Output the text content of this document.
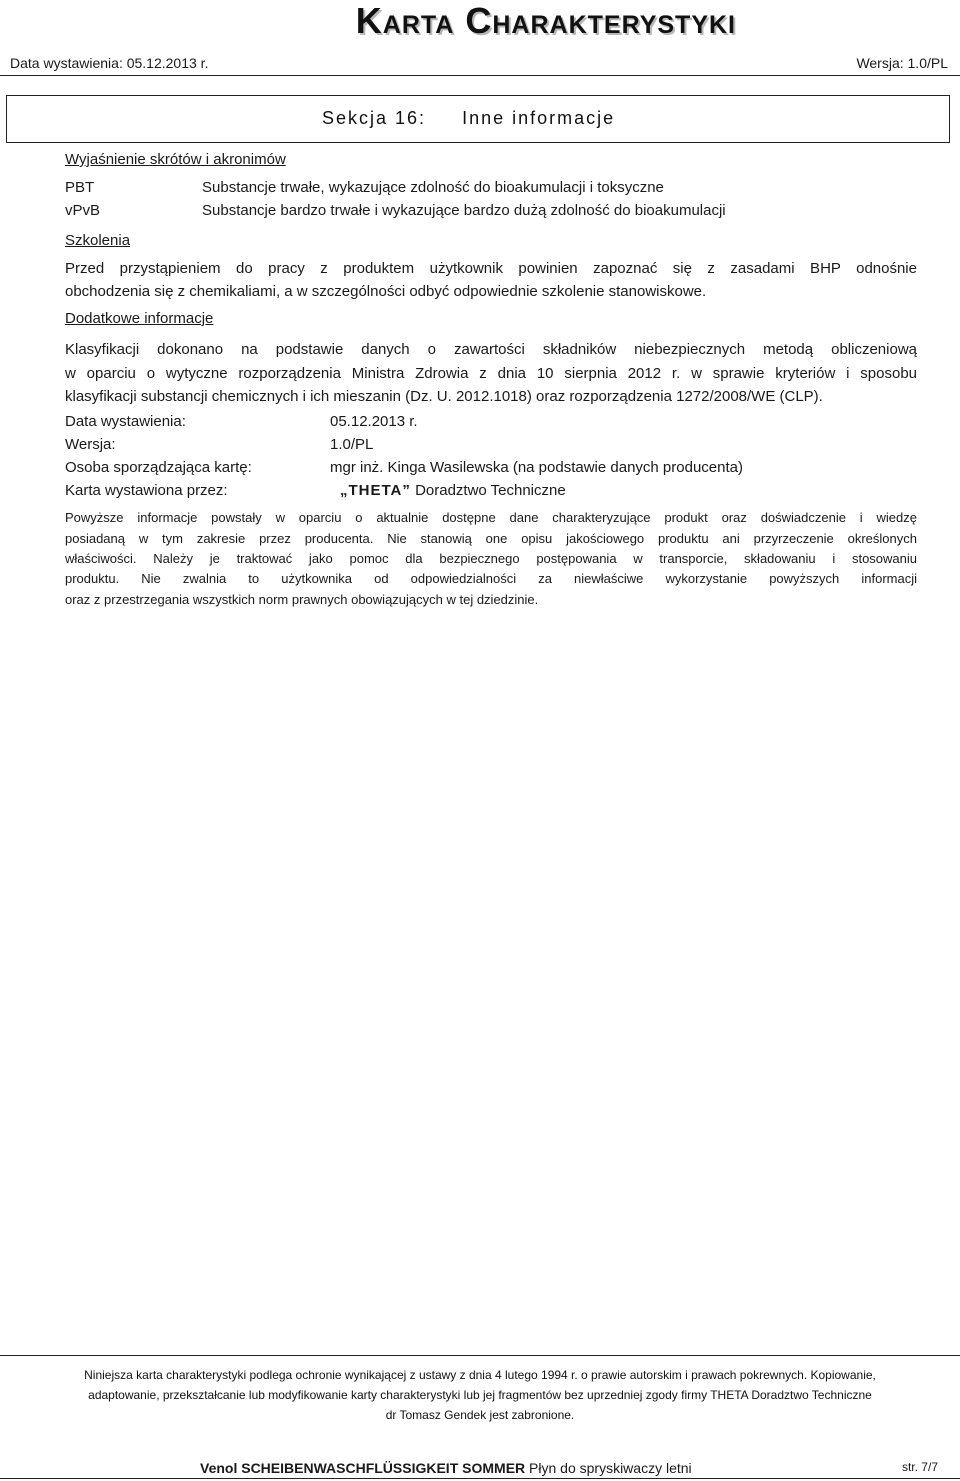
Karta Charakterystyki
Data wystawienia: 05.12.2013 r.	Wersja: 1.0/PL
Sekcja 16: Inne informacje
Wyjaśnienie skrótów i akronimów
PBT	Substancje trwałe, wykazujące zdolność do bioakumulacji i toksyczne
vPvB	Substancje bardzo trwałe i wykazujące bardzo dużą zdolność do bioakumulacji
Szkolenia
Przed przystąpieniem do pracy z produktem użytkownik powinien zapoznać się z zasadami BHP odnośnie
obchodzenia się z chemikaliami, a w szczególności odbyć odpowiednie szkolenie stanowiskowe.
Dodatkowe informacje
Klasyfikacji dokonano na podstawie danych o zawartości składników niebezpiecznych metodą obliczeniową
w oparciu o wytyczne rozporządzenia Ministra Zdrowia z dnia 10 sierpnia 2012 r. w sprawie kryteriów i sposobu
klasyfikacji substancji chemicznych i ich mieszanin (Dz. U. 2012.1018) oraz rozporządzenia 1272/2008/WE (CLP).
Data wystawienia:	05.12.2013 r.
Wersja:	1.0/PL
Osoba sporządzająca kartę:	mgr inż. Kinga Wasilewska (na podstawie danych producenta)
Karta wystawiona przez:	„THETA” Doradztwo Techniczne
Powyższe informacje powstały w oparciu o aktualnie dostępne dane charakteryzujące produkt oraz doświadczenie i wiedzę
posiadaną w tym zakresie przez producenta. Nie stanowią one opisu jakościowego produktu ani przyrzeczenie określonych
właściwości. Należy je traktować jako pomoc dla bezpiecznego postępowania w transporcie, składowaniu i stosowaniu
produktu. Nie zwalnia to użytkownika od odpowiedzialności za niewłaściwe wykorzystanie powyższych informacji
oraz z przestrzegania wszystkich norm prawnych obowiązujących w tej dziedzinie.
Niniejsza karta charakterystyki podlega ochronie wynikającej z ustawy z dnia 4 lutego 1994 r. o prawie autorskim i prawach pokrewnych. Kopiowanie,
adaptowanie, przekształcanie lub modyfikowanie karty charakterystyki lub jej fragmentów bez uprzedniej zgody firmy THETA Doradztwo Techniczne
dr Tomasz Gendek jest zabronione.
Venol SCHEIBENWASCHFLÜSSIGKEIT SOMMER Płyn do spryskiwaczy letni	str. 7/7
